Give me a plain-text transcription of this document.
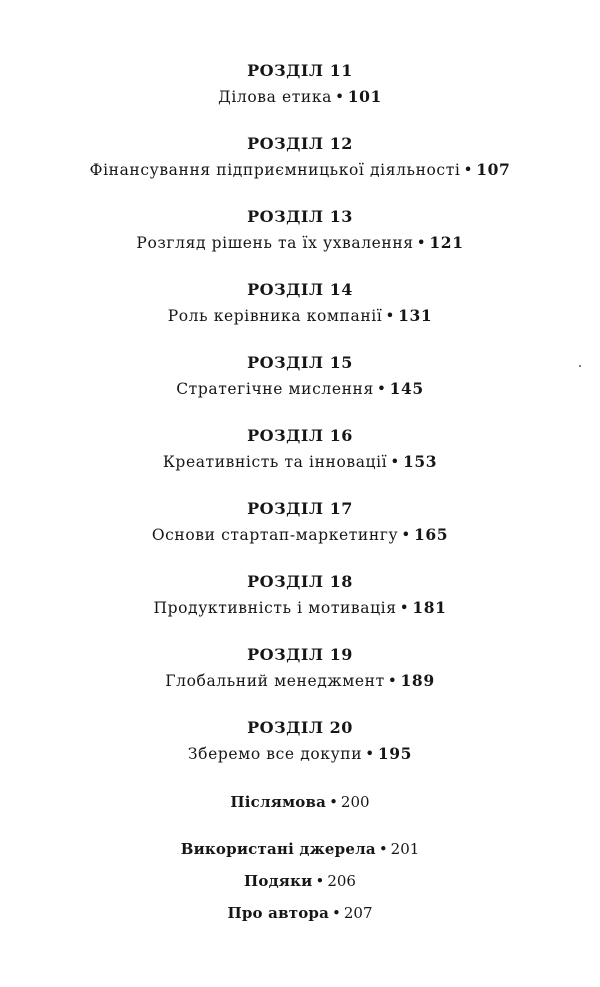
РОЗДІЛ 11
Ділова етика • 101
РОЗДІЛ 12
Фінансування підприємницької діяльності • 107
РОЗДІЛ 13
Розгляд рішень та їх ухвалення • 121
РОЗДІЛ 14
Роль керівника компанії • 131
РОЗДІЛ 15
Стратегічне мислення • 145
РОЗДІЛ 16
Креативність та інновації • 153
РОЗДІЛ 17
Основи стартап-маркетингу • 165
РОЗДІЛ 18
Продуктивність і мотивація • 181
РОЗДІЛ 19
Глобальний менеджмент • 189
РОЗДІЛ 20
Зберемо все докупи • 195
Післямова • 200
Використані джерела • 201
Подяки • 206
Про автора • 207
